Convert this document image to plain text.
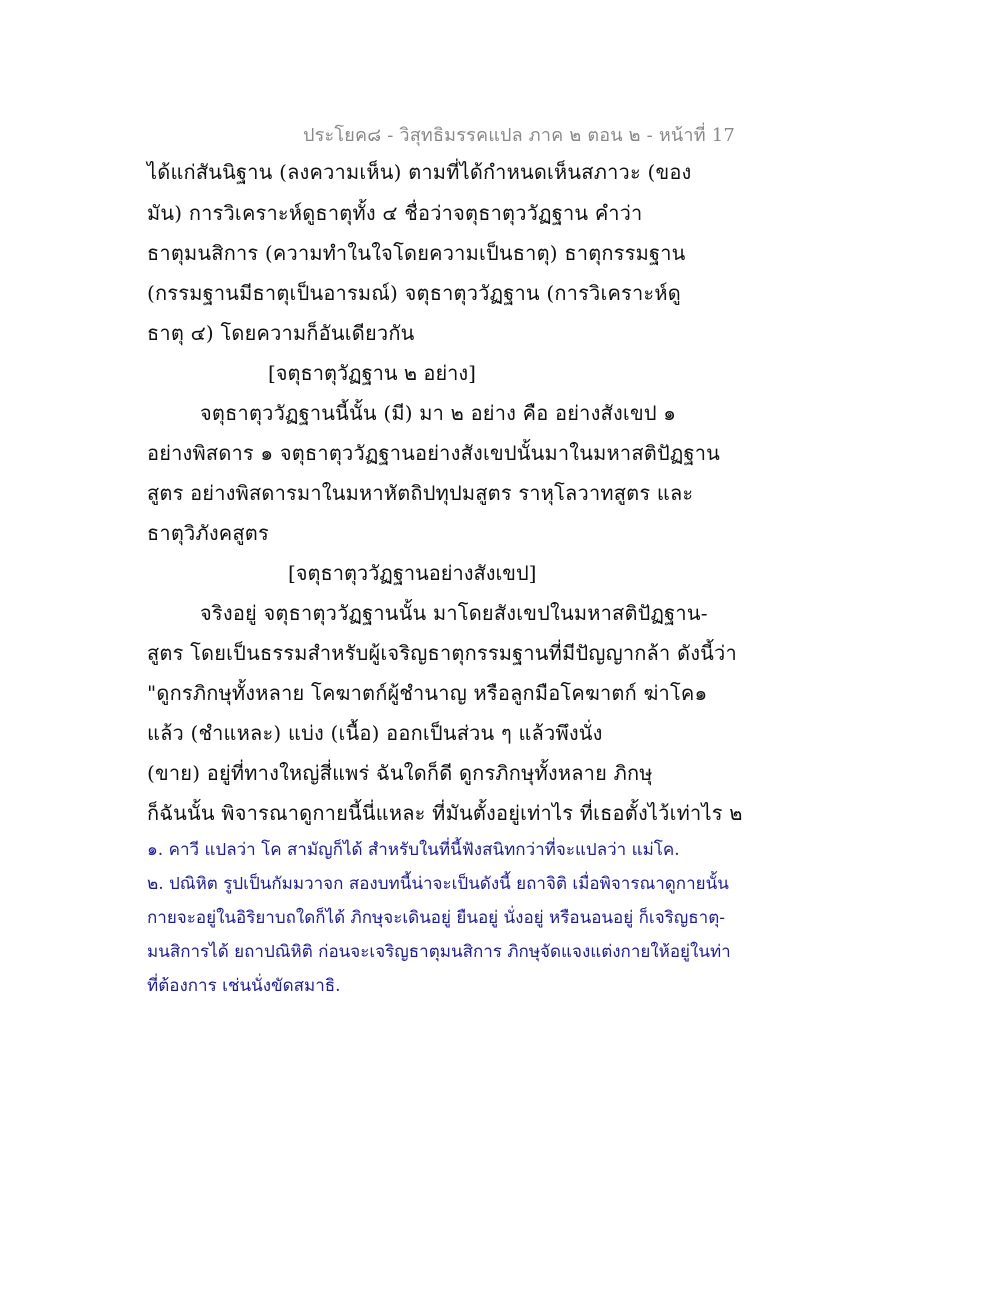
ประโยค๘ - วิสุทธิมรรคแปล ภาค ๒ ตอน ๒ - หน้าที่ 17
ได้แก่สันนิฐาน (ลงความเห็น) ตามที่ได้กำหนดเห็นสภาวะ (ของ
มัน) การวิเคราะห์ดูธาตุทั้ง ๔ ชื่อว่าจตุธาตุววัฏฐาน คำว่า
ธาตุมนสิการ (ความทำในใจโดยความเป็นธาตุ) ธาตุกรรมฐาน
(กรรมฐานมีธาตุเป็นอารมณ์) จตุธาตุววัฏฐาน (การวิเคราะห์ดู
ธาตุ ๔) โดยความก็อันเดียวกัน
[จตุธาตุวัฏฐาน ๒ อย่าง]
จตุธาตุววัฏฐานนี้นั้น (มี) มา ๒ อย่าง คือ อย่างสังเขป ๑
อย่างพิสดาร ๑ จตุธาตุววัฏฐานอย่างสังเขปนั้นมาในมหาสติปัฏฐาน
สูตร อย่างพิสดารมาในมหาหัตถิปทุปมสูตร ราหุโลวาทสูตร และ
ธาตุวิภังคสูตร
[จตุธาตุววัฏฐานอย่างสังเขป]
จริงอยู่ จตุธาตุววัฏฐานนั้น มาโดยสังเขปในมหาสติปัฏฐาน-
สูตร โดยเป็นธรรมสำหรับผู้เจริญธาตุกรรมฐานที่มีปัญญากล้า ดังนี้ว่า
"ดูกรภิกษุทั้งหลาย โคฆาตก์ผู้ชำนาญ หรือลูกมือโคฆาตก์ ฆ่าโค๑
แล้ว (ชำแหละ) แบ่ง (เนื้อ) ออกเป็นส่วน ๆ แล้วพึงนั่ง
(ขาย) อยู่ที่ทางใหญ่สี่แพร่ ฉันใดก็ดี ดูกรภิกษุทั้งหลาย ภิกษุ
ก็ฉันนั้น พิจารณาดูกายนี้นี่แหละ ที่มันตั้งอยู่เท่าไร ที่เธอตั้งไว้เท่าไร ๒
๑. คาวี แปลว่า โค สามัญก็ได้ สำหรับในที่นี้ฟังสนิทกว่าที่จะแปลว่า แม่โค.
๒. ปณิหิต รูปเป็นกัมมวาจก สองบทนี้น่าจะเป็นดังนี้ ยถาจิติ เมื่อพิจารณาดูกายนั้น
กายจะอยู่ในอิริยาบถใดก็ได้ ภิกษุจะเดินอยู่ ยืนอยู่ นั่งอยู่ หรือนอนอยู่ ก็เจริญธาตุ-
มนสิการได้ ยถาปณิหิติ ก่อนจะเจริญธาตุมนสิการ ภิกษุจัดแจงแต่งกายให้อยู่ในท่า
ที่ต้องการ เช่นนั่งขัดสมาธิ.
